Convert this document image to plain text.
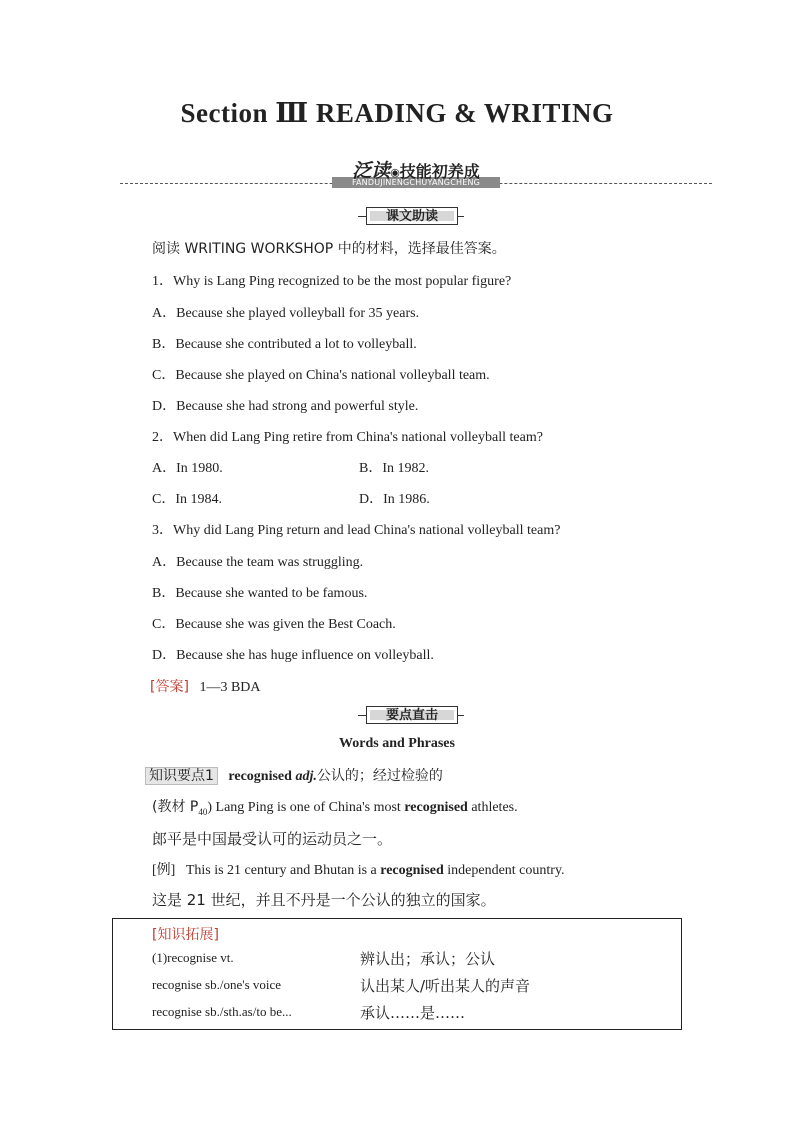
Section Ⅲ READING & WRITING
FANDUJINENGCHUYANGCHENG
泛读◉技能初养成
课文助读
阅读 WRITING WORKSHOP 中的材料，选择最佳答案。
1．Why is Lang Ping recognized to be the most popular figure?
A．Because she played volleyball for 35 years.
B．Because she contributed a lot to volleyball.
C．Because she played on China's national volleyball team.
D．Because she had strong and powerful style.
2．When did Lang Ping retire from China's national volleyball team?
A．In 1980.	B．In 1982.
C．In 1984.	D．In 1986.
3．Why did Lang Ping return and lead China's national volleyball team?
A．Because the team was struggling.
B．Because she wanted to be famous.
C．Because she was given the Best Coach.
D．Because she has huge influence on volleyball.
[答案] 1—3 BDA
要点直击
Words and Phrases
知识要点1 recognised adj.公认的；经过检验的
(教材 $P_{40}$) Lang Ping is one of China's most recognised athletes.
郎平是中国最受认可的运动员之一。
[例] This is 21 century and Bhutan is a recognised independent country.
这是 21 世纪，并且不丹是一个公认的独立的国家。
[知识拓展]
(1)recognise vt.	辨认出；承认；公认
recognise sb./one's voice	认出某人/听出某人的声音
recognise sb./sth.as/to be...	承认……是……
